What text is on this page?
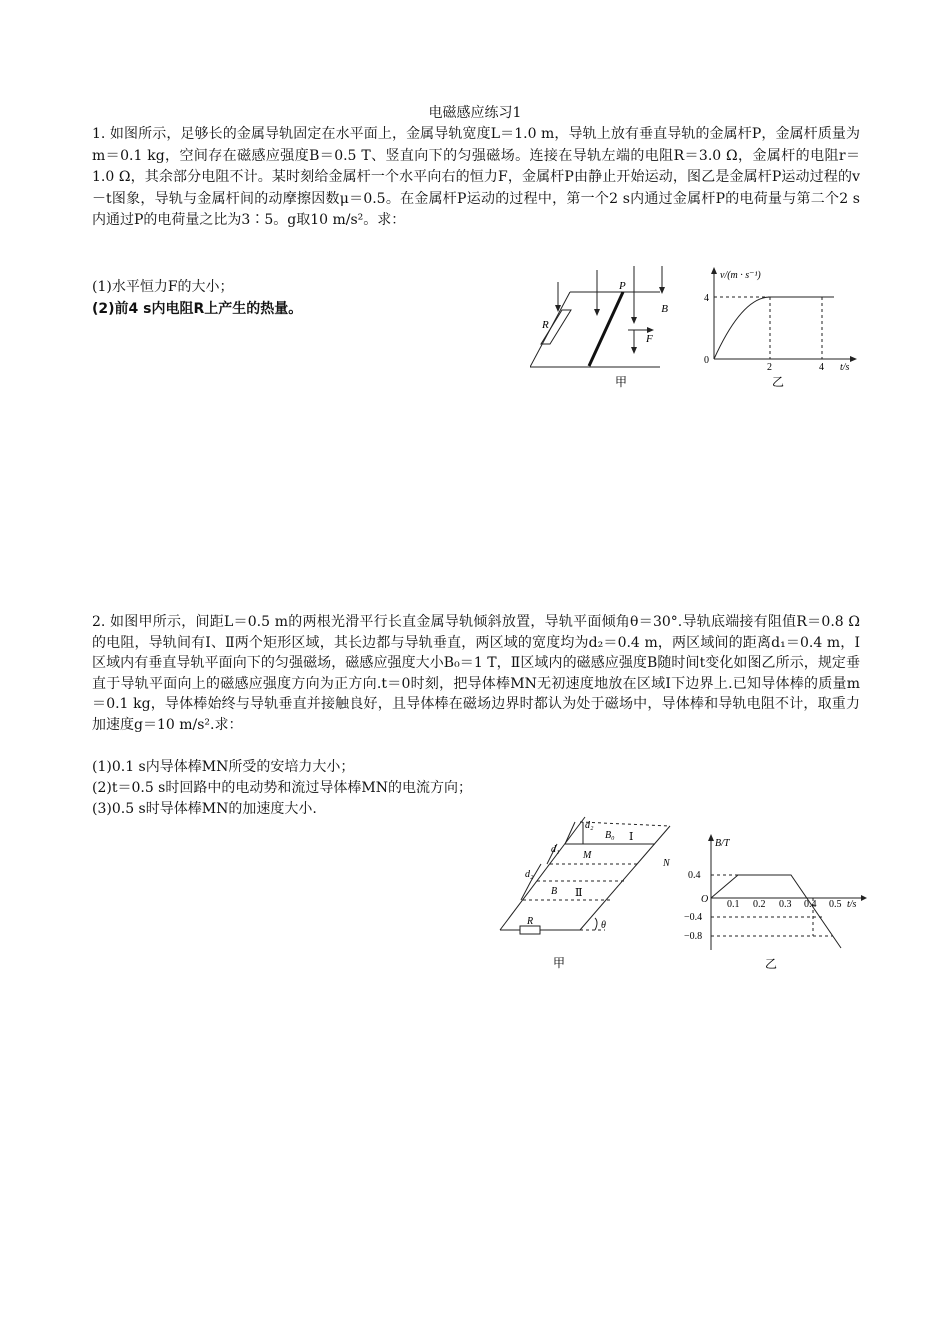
电磁感应练习1
1. 如图所示，足够长的金属导轨固定在水平面上，金属导轨宽度L＝1.0 m，导轨上放有垂直导轨的金属杆P，金属杆质量为m＝0.1 kg，空间存在磁感应强度B＝0.5 T、竖直向下的匀强磁场。连接在导轨左端的电阻R＝3.0 Ω，金属杆的电阻r＝1.0 Ω，其余部分电阻不计。某时刻给金属杆一个水平向右的恒力F，金属杆P由静止开始运动，图乙是金属杆P运动过程的v－t图象，导轨与金属杆间的动摩擦因数μ＝0.5。在金属杆P运动的过程中，第一个2 s内通过金属杆P的电荷量与第二个2 s内通过P的电荷量之比为3∶5。g取10 m/s²。求：
(1)水平恒力F的大小；
(2)前4 s内电阻R上产生的热量。
R
P
B
F
甲
v/(m · s⁻¹)
t/s
0
4
2	4
乙
2. 如图甲所示，间距L＝0.5 m的两根光滑平行长直金属导轨倾斜放置，导轨平面倾角θ＝30°.导轨底端接有阻值R＝0.8 Ω的电阻，导轨间有Ⅰ、Ⅱ两个矩形区域，其长边都与导轨垂直，两区域的宽度均为d₂＝0.4 m，两区域间的距离d₁＝0.4 m，Ⅰ区域内有垂直导轨平面向下的匀强磁场，磁感应强度大小B₀＝1 T，Ⅱ区域内的磁感应强度B随时间t变化如图乙所示，规定垂直于导轨平面向上的磁感应强度方向为正方向.t＝0时刻，把导体棒MN无初速度地放在区域Ⅰ下边界上.已知导体棒的质量m＝0.1 kg，导体棒始终与导轨垂直并接触良好，且导体棒在磁场边界时都认为处于磁场中，导体棒和导轨电阻不计，取重力加速度g＝10 m/s².求：
(1)0.1 s内导体棒MN所受的安培力大小；
(2)t＝0.5 s时回路中的电动势和流过导体棒MN的电流方向；
(3)0.5 s时导体棒MN的加速度大小.
d₂
B₀ Ⅰ
d₁
M
N
d₂
B Ⅱ
R	θ
甲
B/T
O
0.4
−0.4
−0.8
0.1 0.2 0.3 0.4 0.5 t/s
乙
